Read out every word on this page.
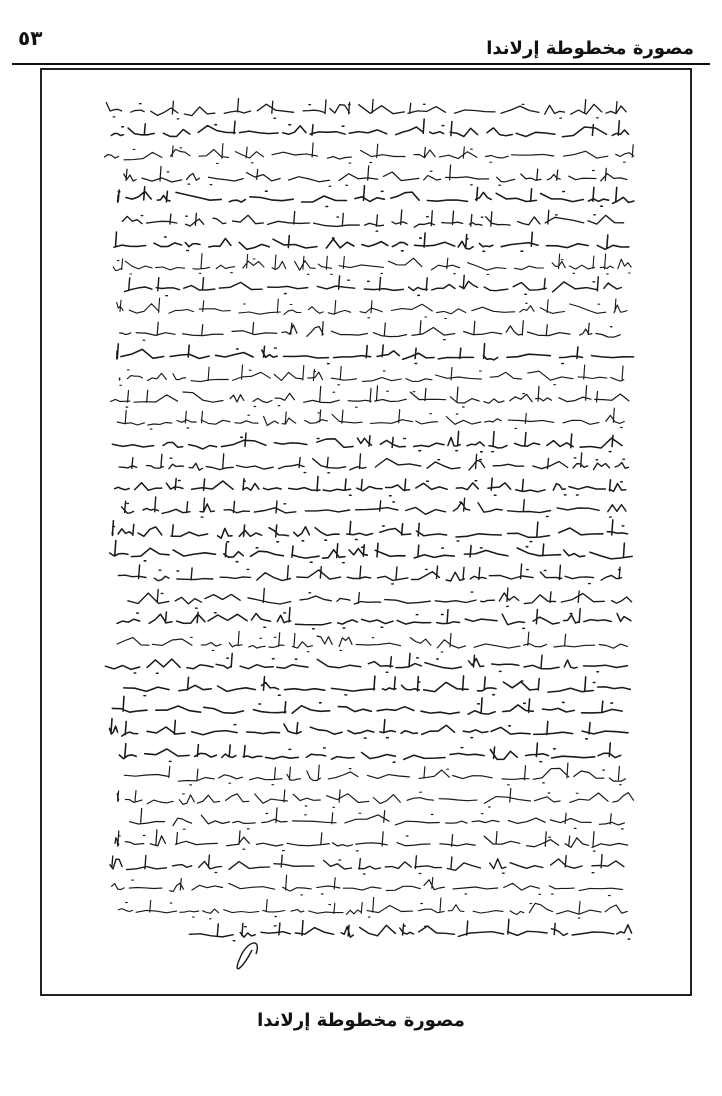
٥٣	مصورة مخطوطة إرلاندا
مصورة مخطوطة إرلاندا
